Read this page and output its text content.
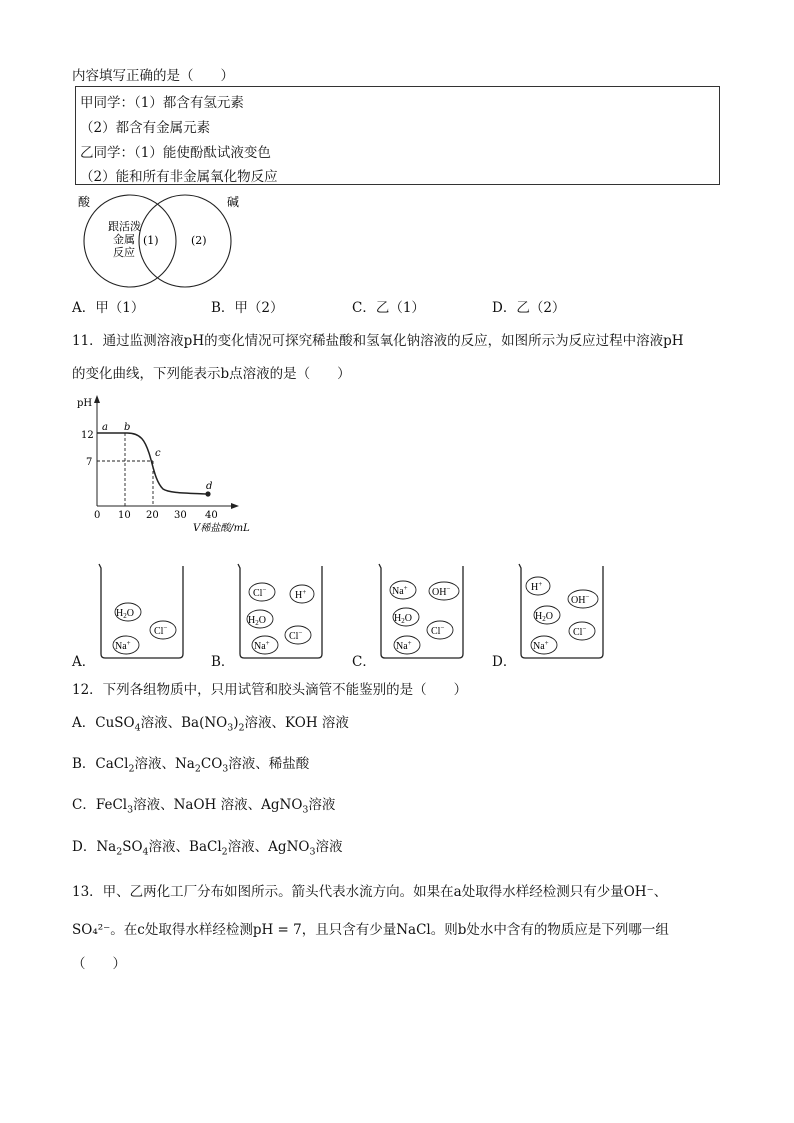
内容填写正确的是（　　）
甲同学：（1）都含有氢元素
（2）都含有金属元素
乙同学：（1）能使酚酞试液变色
（2）能和所有非金属氧化物反应
酸	碱
跟活泼
金属
反应
(1)	(2)
A．甲（1）	B．甲（2）	C．乙（1）	D．乙（2）
11．通过监测溶液pH的变化情况可探究稀盐酸和氢氧化钠溶液的反应，如图所示为反应过程中溶液pH
的变化曲线，下列能表示b点溶液的是（　　）
pH
12
7
0 10 20 30 40
V稀盐酸/mL
a b
c
d
A．
$H_2O$
Cl−
Na+
B．
Cl−	H+
$H_2O$
Cl−
Na+
C．
Na+ OH−
$H_2O$
Cl−
Na+
D．
H+
OH−
$H_2O$
Cl−
Na+
12．下列各组物质中，只用试管和胶头滴管不能鉴别的是（　　）
A．CuSO$_4$溶液、$Ba(NO_3)_2$溶液、KOH 溶液
B．CaCl$_2$溶液、$Na_2CO_3$溶液、稀盐酸
C．FeCl$_3$溶液、NaOH 溶液、AgNO$_3$溶液
D．$Na_2SO_4$溶液、BaCl$_2$溶液、AgNO$_3$溶液
13．甲、乙两化工厂分布如图所示。箭头代表水流方向。如果在a处取得水样经检测只有少量OH⁻、
SO₄²⁻。在c处取得水样经检测pH = 7，且只含有少量NaCl。则b处水中含有的物质应是下列哪一组
（　　）
